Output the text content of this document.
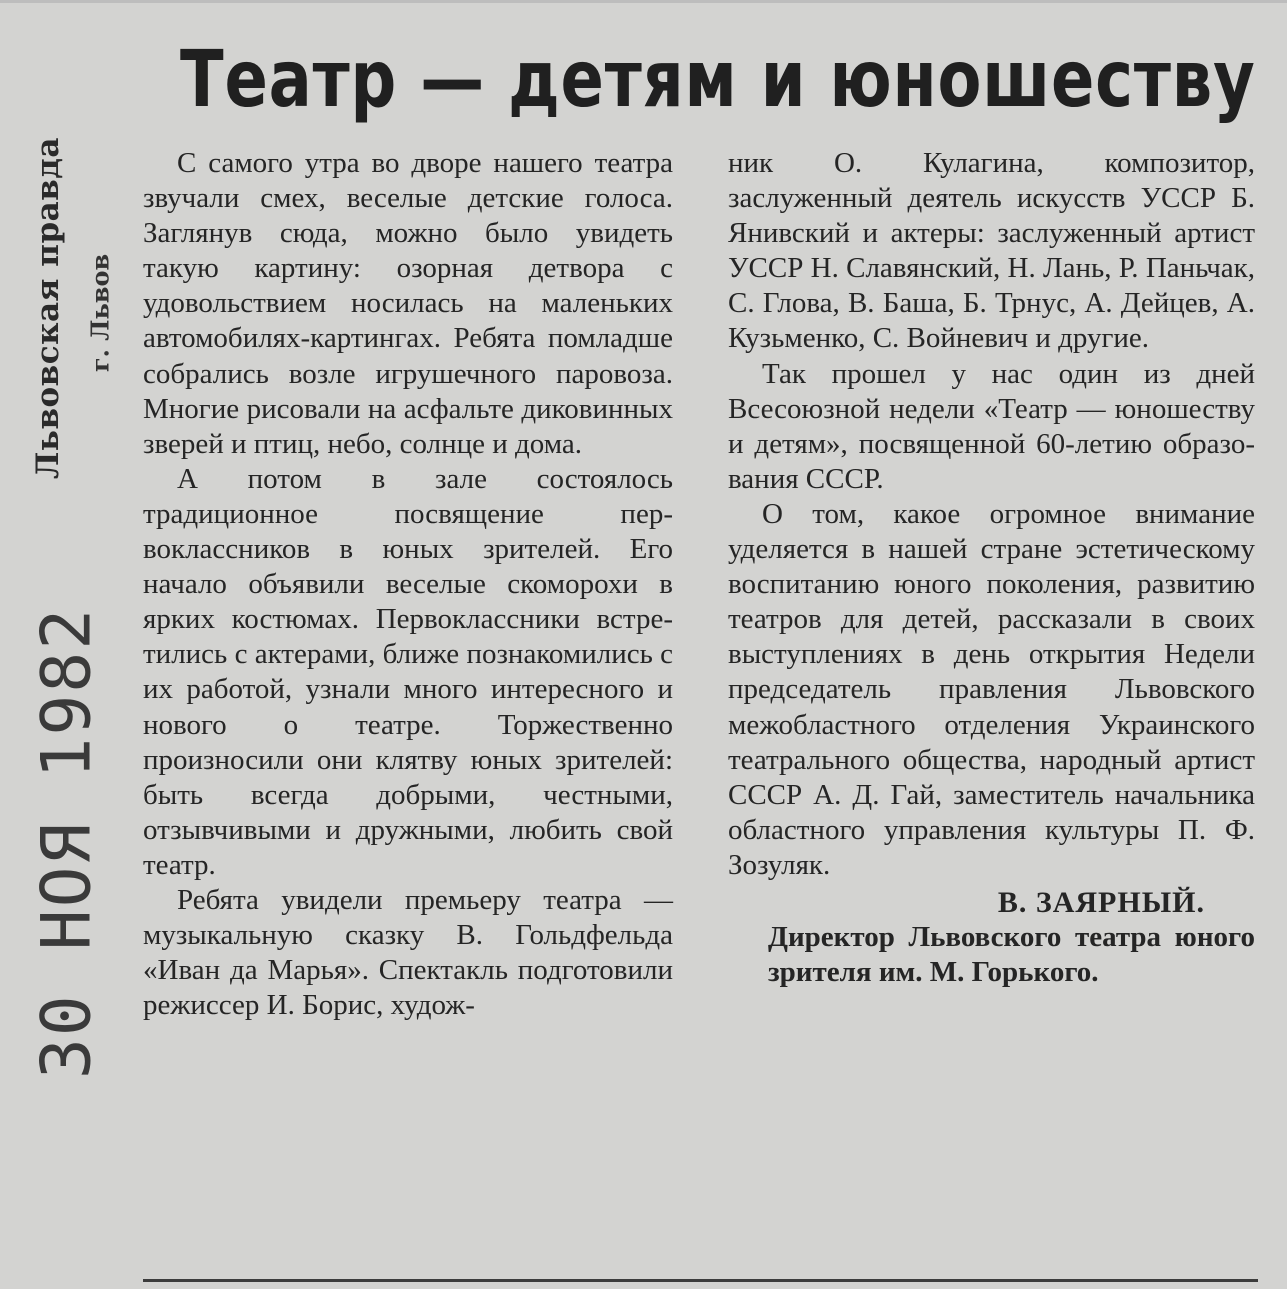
Львовская правда г. Львов
30 НОЯ 1982
Театр — детям и юношеству

С самого утра во дворе нашего театра звучали смех, веселые детские голоса. Заглянув сюда, можно было увидеть такую картину: озорная детвора с удовольствием носилась на маленьких автомобилях-картингах. Ребята помладше собрались возле игрушечного паровоза. Многие рисовали на асфальте диковинных зверей и птиц, небо, солнце и дома.

А потом в зале состоялось традиционное посвящение первоклассников в юных зрителей. Его начало объявили веселые скоморохи в ярких костюмах. Первоклассники встретились с актерами, ближе познакомились с их работой, узнали много интересного и нового о театре. Торжественно произносили они клятву юных зрителей: быть всегда добрыми, честными, отзывчивыми и дружными, любить свой театр.

Ребята увидели премьеру театра — музыкальную сказку В. Гольдфельда «Иван да Марья». Спектакль подготовили режиссер И. Борис, худож-

ник О. Кулагина, композитор, заслуженный деятель искусств УССР Б. Янивский и актеры: заслуженный артист УССР Н. Славянский, Н. Лань, Р. Паньчак, С. Глова, В. Баша, Б. Трнус, А. Дейцев, А. Кузьменко, С. Войневич и другие.

Так прошел у нас один из дней Всесоюзной недели «Театр — юношеству и детям», посвященной 60-летию образования СССР.

О том, какое огромное внимание уделяется в нашей стране эстетическому воспитанию юного поколения, развитию театров для детей, рассказали в своих выступлениях в день открытия Недели председатель правления Львовского межобластного отделения Украинского театрального общества, народный артист СССР А. Д. Гай, заместитель начальника областного управления культуры П. Ф. Зозуляк.

В. ЗАЯРНЫЙ.
Директор Львовского театра юного зрителя им. М. Горького.
